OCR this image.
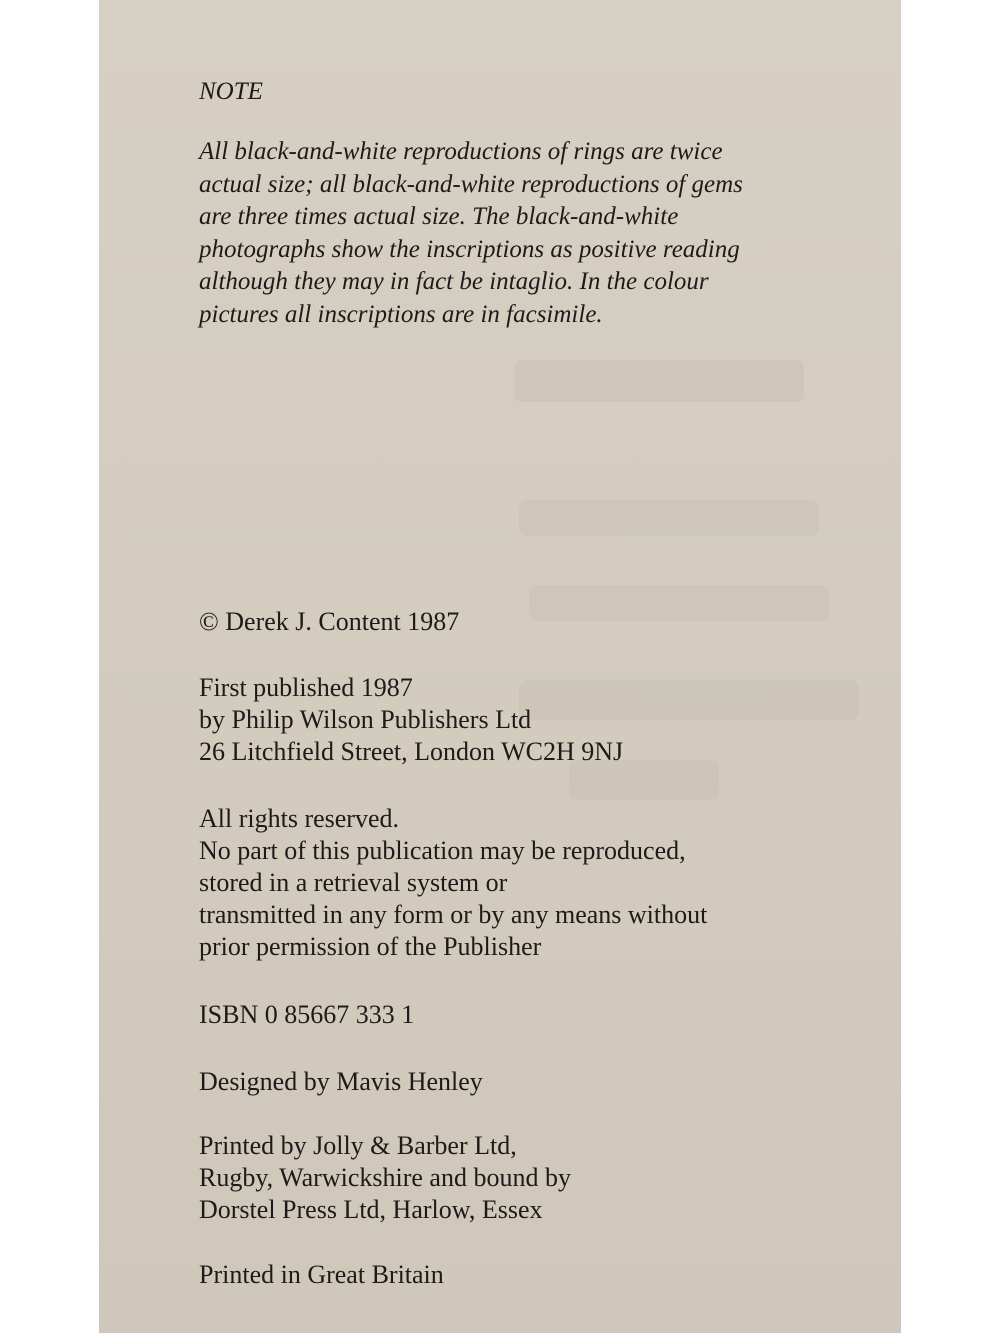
NOTE
All black-and-white reproductions of rings are twice
actual size; all black-and-white reproductions of gems
are three times actual size. The black-and-white
photographs show the inscriptions as positive reading
although they may in fact be intaglio. In the colour
pictures all inscriptions are in facsimile.
© Derek J. Content 1987
First published 1987
by Philip Wilson Publishers Ltd
26 Litchfield Street, London WC2H 9NJ
All rights reserved.
No part of this publication may be reproduced,
stored in a retrieval system or
transmitted in any form or by any means without
prior permission of the Publisher
ISBN 0 85667 333 1
Designed by Mavis Henley
Printed by Jolly & Barber Ltd,
Rugby, Warwickshire and bound by
Dorstel Press Ltd, Harlow, Essex
Printed in Great Britain
